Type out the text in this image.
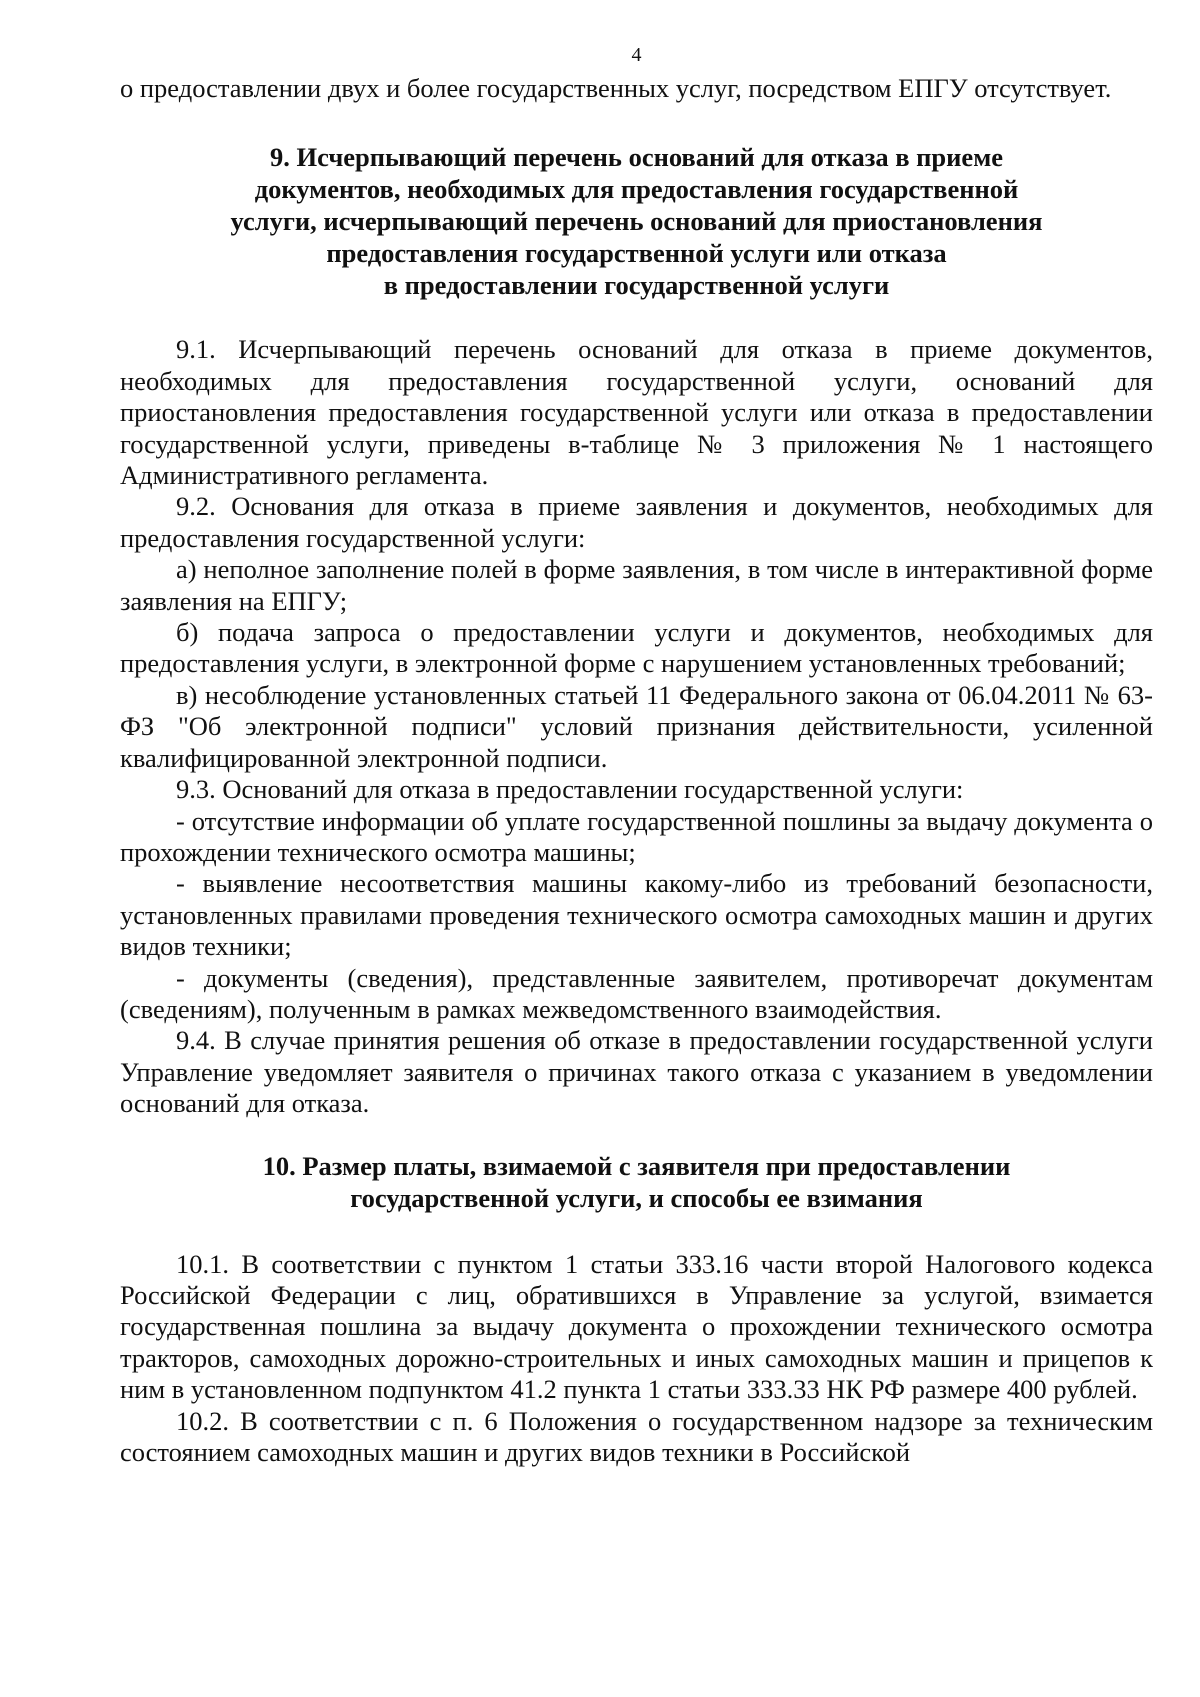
4

о предоставлении двух и более государственных услуг, посредством ЕПГУ отсутствует.

9. Исчерпывающий перечень оснований для отказа в приеме
документов, необходимых для предоставления государственной
услуги, исчерпывающий перечень оснований для приостановления
предоставления государственной услуги или отказа
в предоставлении государственной услуги

9.1. Исчерпывающий перечень оснований для отказа в приеме документов, необходимых для предоставления государственной услуги, оснований для приостановления предоставления государственной услуги или отказа в предоставлении государственной услуги, приведены в-таблице № 3 приложения № 1 настоящего Административного регламента.

9.2. Основания для отказа в приеме заявления и документов, необходимых для предоставления государственной услуги:

а) неполное заполнение полей в форме заявления, в том числе в интерактивной форме заявления на ЕПГУ;

б) подача запроса о предоставлении услуги и документов, необходимых для предоставления услуги, в электронной форме с нарушением установленных требований;

в) несоблюдение установленных статьей 11 Федерального закона от 06.04.2011 № 63-ФЗ "Об электронной подписи" условий признания действительности, усиленной квалифицированной электронной подписи.

9.3. Оснований для отказа в предоставлении государственной услуги:

- отсутствие информации об уплате государственной пошлины за выдачу документа о прохождении технического осмотра машины;

- выявление несоответствия машины какому-либо из требований безопасности, установленных правилами проведения технического осмотра самоходных машин и других видов техники;

- документы (сведения), представленные заявителем, противоречат документам (сведениям), полученным в рамках межведомственного взаимодействия.

9.4. В случае принятия решения об отказе в предоставлении государственной услуги Управление уведомляет заявителя о причинах такого отказа с указанием в уведомлении оснований для отказа.

10. Размер платы, взимаемой с заявителя при предоставлении
государственной услуги, и способы ее взимания

10.1. В соответствии с пунктом 1 статьи 333.16 части второй Налогового кодекса Российской Федерации с лиц, обратившихся в Управление за услугой, взимается государственная пошлина за выдачу документа о прохождении технического осмотра тракторов, самоходных дорожно-строительных и иных самоходных машин и прицепов к ним в установленном подпунктом 41.2 пункта 1 статьи 333.33 НК РФ размере 400 рублей.

10.2. В соответствии с п. 6 Положения о государственном надзоре за техническим состоянием самоходных машин и других видов техники в Российской
